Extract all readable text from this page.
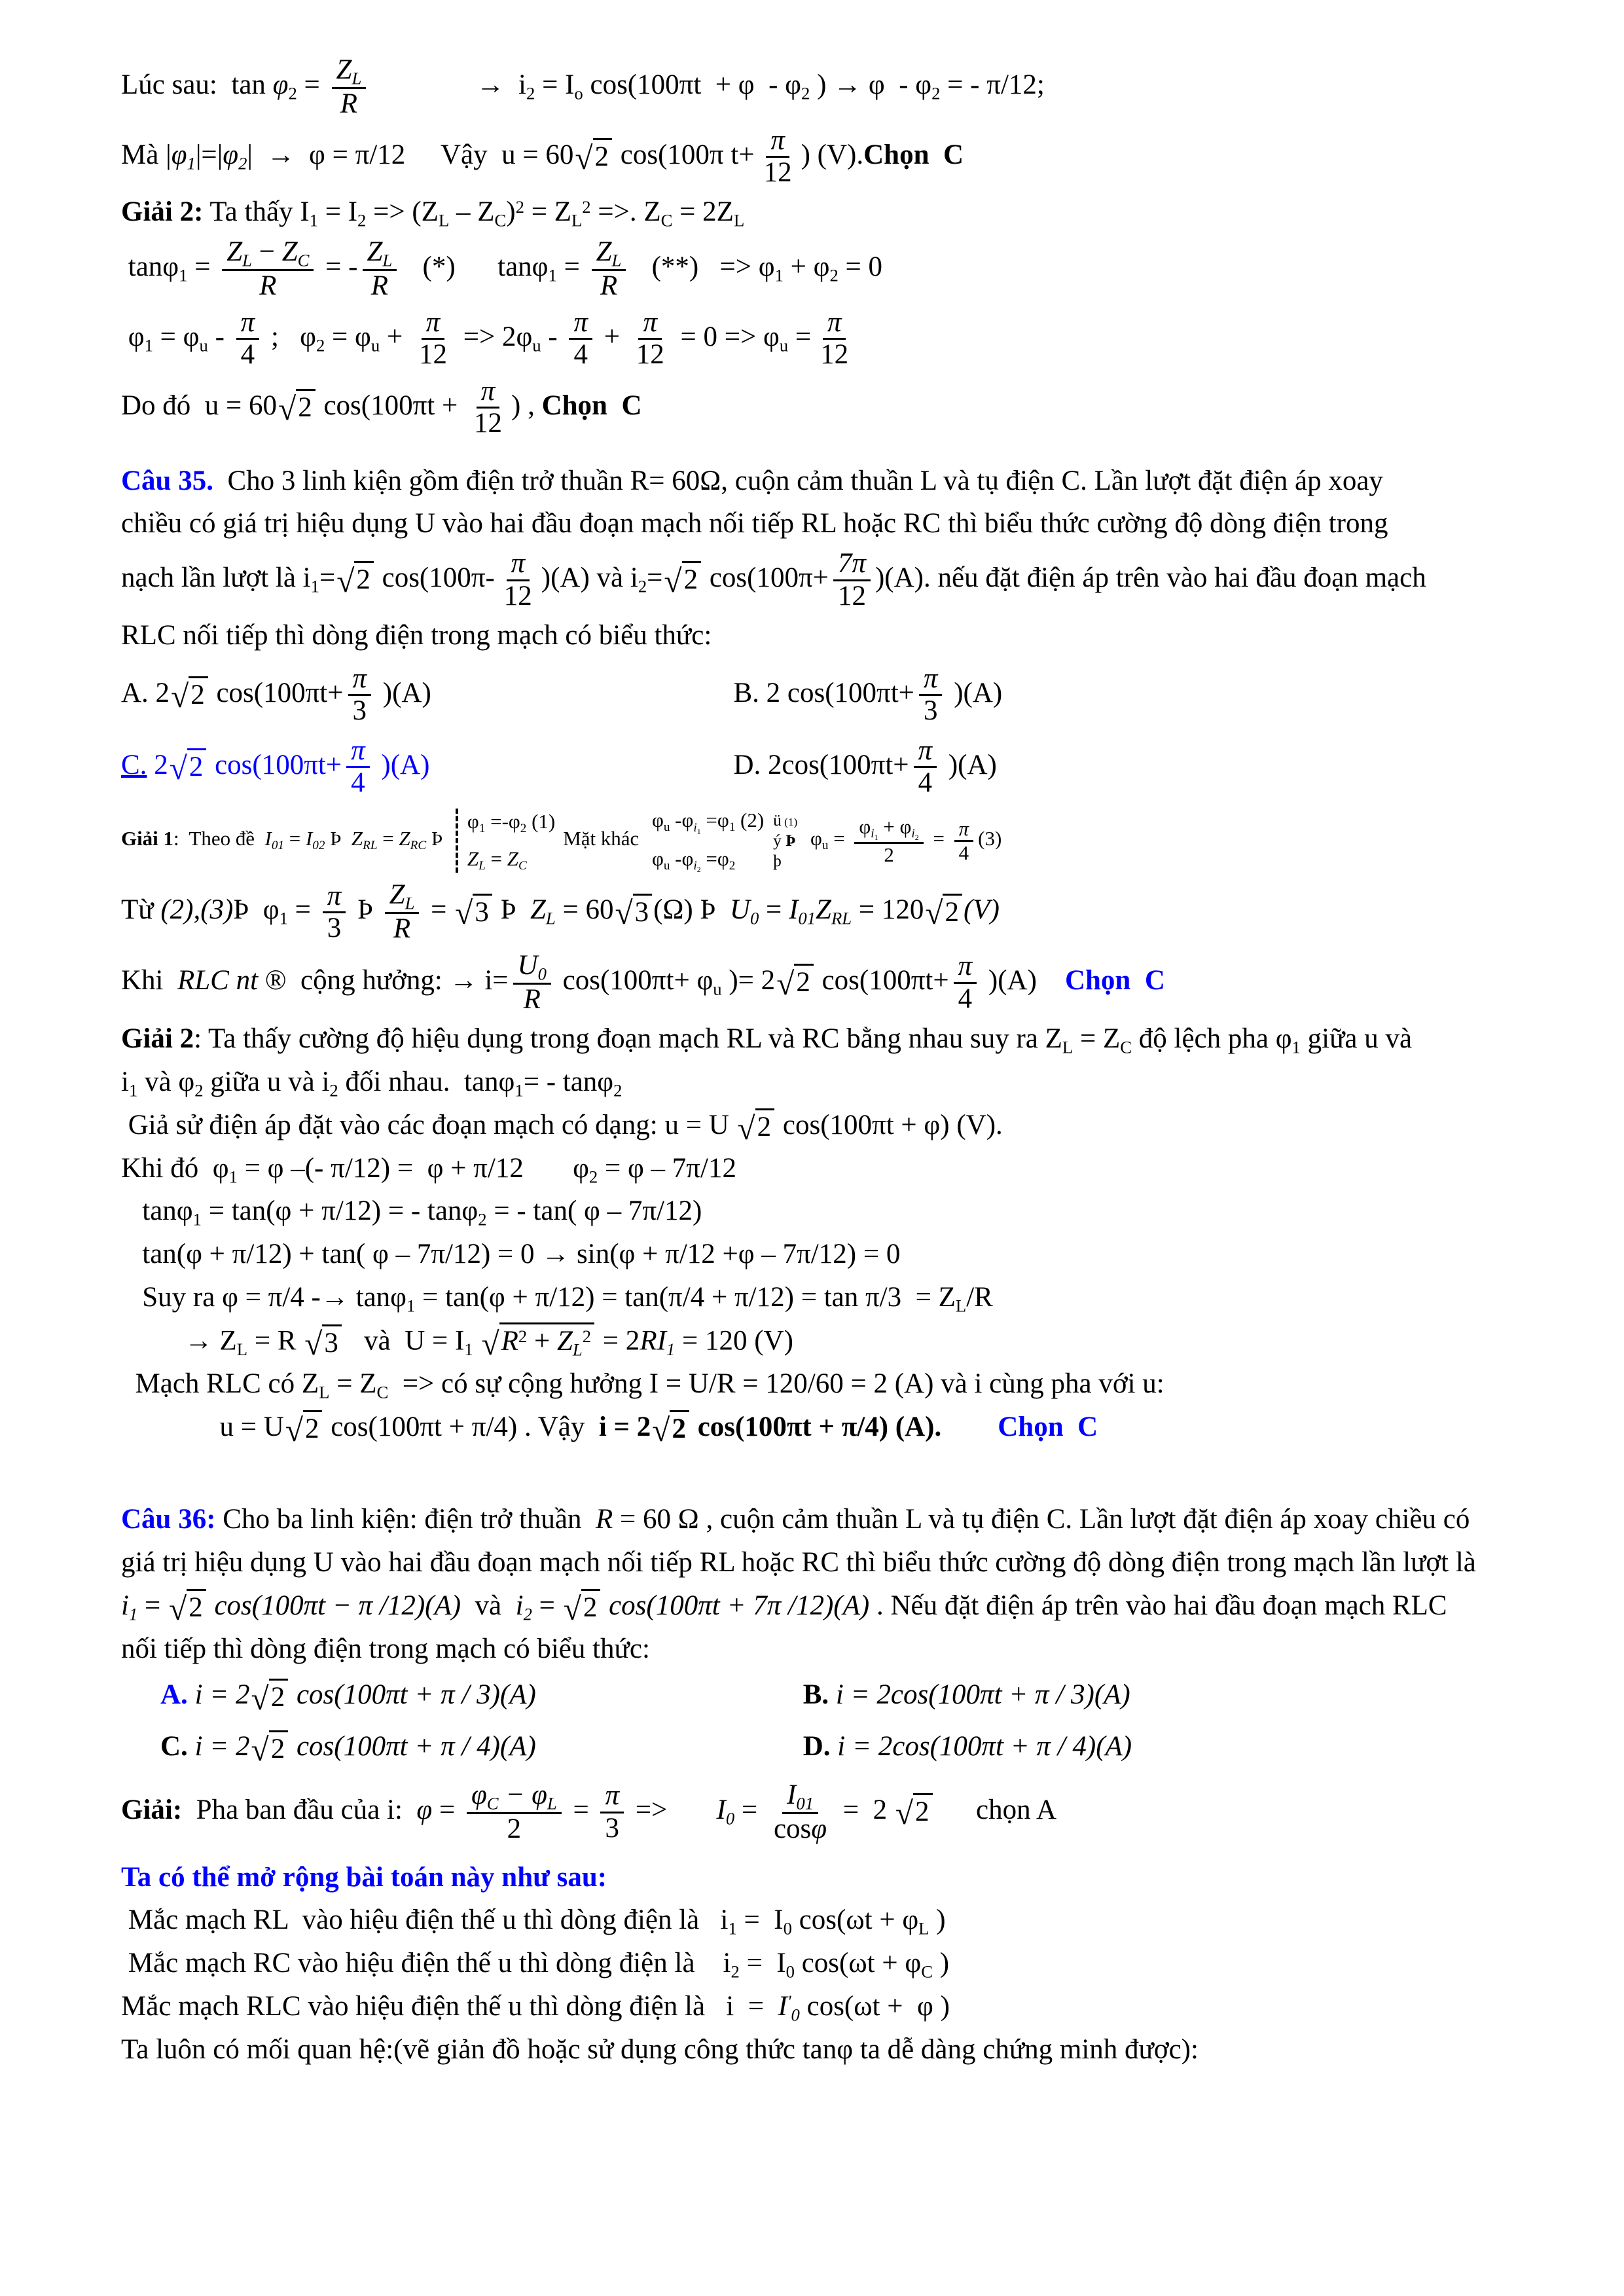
Lúc sau:  $\tan \varphi_2 = \frac{Z_L}{R} \to i_2 = I_o$ $\cos(100\pi t + \varphi - \varphi_2$ ) → φ  - $\varphi_2$ = - π/12;
Mà $|\varphi_1|=|\varphi_2| \to \varphi = \pi/12$     Vậy  u = 60 √ 2 cos(100π $t+ \frac{\pi}{12}$ ) (V).Chọn  C
Giải 2: Ta thấy $I_1 = I_2 => (Z_L - Z_C)^2 = Z_L^2$ =>. $Z_C = 2Z_L$
$\tan\varphi_1 = \frac{Z_L - Z_C}{R}$ = - $\frac{Z_L}{R}$ (*)      $\tan\varphi_1 = \frac{Z_L}{R}$ (**)   => $\varphi_1 + \varphi_2 = 0$
$\varphi_1 = \varphi_u - \frac{\pi}{4}$ ;   $\varphi_2 = \varphi_u + \frac{\pi}{12} => 2\varphi_u - \frac{\pi}{4} + \frac{\pi}{12} = 0 => \varphi_u = \frac{\pi}{12}$
Do đó  u = 60 √ 2 $\cos(100\pi t + \frac{\pi}{12}$ ) , Chọn  C
Câu 35.  Cho 3 linh kiện gồm điện trở thuần R= 60Ω, cuộn cảm thuần L và tụ điện C. Lần lượt đặt điện áp xoay
chiều có giá trị hiệu dụng U vào hai đầu đoạn mạch nối tiếp RL hoặc RC thì biểu thức cường độ dòng điện trong
nạch lần lượt là $i_1=$ √ 2 $\cos(100\pi- \frac{\pi}{12} )(A)$ và $i_2=$ √ 2 $\cos(100\pi+ \frac{7\pi}{12} )(A)$. nếu đặt điện áp trên vào hai đầu đoạn mạch
RLC nối tiếp thì dòng điện trong mạch có biểu thức:
A. 2 √ 2 $\cos(100\pi t+ \frac{\pi}{3} )(A)$	B. 2 $\cos(100\pi t+ \frac{\pi}{3} )(A)$
C. 2 √ 2 $\cos(100\pi t+ \frac{\pi}{4} )(A)$	D. $2\cos(100\pi t+ \frac{\pi}{4} )(A)$
Giải 1:  Theo đề  $I_{01} = I_{02}$ Þ  $Z_{RL} = Z_{RC}$ Þ
$\varphi_1 =-\varphi_2$ (1)
$Z_L = Z_C$
Mặt khác
$\varphi_u$ $-\varphi_{i_1} =\varphi_1$ (2)
$\varphi_u$ $-\varphi_{i_2} =\varphi_2$
ü (1)
ý Þ
þ
$\varphi_u = \frac{\varphi_{i_1} + \varphi_{i_2}}{2} = \frac{\pi}{4} (3)$
Từ (2),(3)Þ  $\varphi_1 = \frac{\pi}{3}$ Þ $\frac{Z_L}{R}$ = √ 3 Þ  $Z_L = 60$ √ 3 (Ω) Þ  $U_0 = I_{01}Z_{RL} = 120$ √ 2 (V)
Khi  RLC nt ®  cộng hưởng: → $i= \frac{U_0}{R} \cos(100\pi t+ \varphi_u$ )= 2 √ 2 $\cos(100\pi t+ \frac{\pi}{4} )(A)$    Chọn  C
Giải 2: Ta thấy cường độ hiệu dụng trong đoạn mạch RL và RC bằng nhau suy ra $Z_L = Z_C$ độ lệch pha $\varphi_1$ giữa u và
$i_1$ và $\varphi_2$ giữa u và $i_2$ đối nhau.  tanφ$_1$= - tanφ$_2$
Giả sử điện áp đặt vào các đoạn mạch có dạng: u = U √ 2 cos(100πt + φ) (V).
Khi đó  $\varphi_1 = \varphi$ –(- π/12) =  φ + π/12       $\varphi_2 = \varphi - 7\pi/12$
tanφ$_1$ = tan(φ + π/12) = - tanφ$_2$ = - tan( φ – 7π/12)
tan(φ + π/12) + tan( φ – 7π/12) = 0 → sin(φ + π/12 +φ – 7π/12) = 0
Suy ra $\varphi = \pi/4 -\to \tan\varphi_1 = \tan(\varphi + \pi/12) = \tan(\pi/4 + \pi/12) = \tan \pi/3 = Z_L/R$
→ $Z_L = R$ √ 3 và  $U = I_1$ √ $R^2 + Z_L^2 = 2RI_1 = 120$ (V)
Mạch RLC có $Z_L = Z_C$  => có sự cộng hưởng I = U/R = 120/60 = 2 (A) và i cùng pha với u:
u = U √ 2 cos(100πt + π/4) . Vậy  i = 2 √ 2 cos(100πt + π/4) (A). Chọn  C
Câu 36: Cho ba linh kiện: điện trở thuần  R = 60 Ω , cuộn cảm thuần L và tụ điện C. Lần lượt đặt điện áp xoay chiều có
giá trị hiệu dụng U vào hai đầu đoạn mạch nối tiếp RL hoặc RC thì biểu thức cường độ dòng điện trong mạch lần lượt là
$i_1$ = √ 2 cos(100πt − π /12)(A)  và  $i_2$ = √ 2 cos(100πt + 7π /12)(A) . Nếu đặt điện áp trên vào hai đầu đoạn mạch RLC
nối tiếp thì dòng điện trong mạch có biểu thức:
A. i = 2 √ 2 cos(100πt + π / 3)(A)	B. i = 2cos(100πt + π / 3)(A)
C. i = 2 √ 2 cos(100πt + π / 4)(A)	D. i = 2cos(100πt + π / 4)(A)
Giải:  Pha ban đầu của i:  $\varphi = \frac{\varphi_C - \varphi_L}{2} = \frac{\pi}{3}$ =>       $I_0 = \frac{I_{01}}{\cos\varphi} = 2$ √ 2 chọn A
Ta có thể mở rộng bài toán này như sau:
Mắc mạch RL  vào hiệu điện thế u thì dòng điện là   $i_1 = I_0$ $\cos(\omega t + \varphi_L$ )
Mắc mạch RC vào hiệu điện thế u thì dòng điện là    $i_2 = I_0$ $\cos(\omega t + \varphi_C$ )
Mắc mạch RLC vào hiệu điện thế u thì dòng điện là   $i = I'_0$ cos(ωt +  φ )
Ta luôn có mối quan hệ:(vẽ giản đồ hoặc sử dụng công thức tanφ ta dễ dàng chứng minh được):
